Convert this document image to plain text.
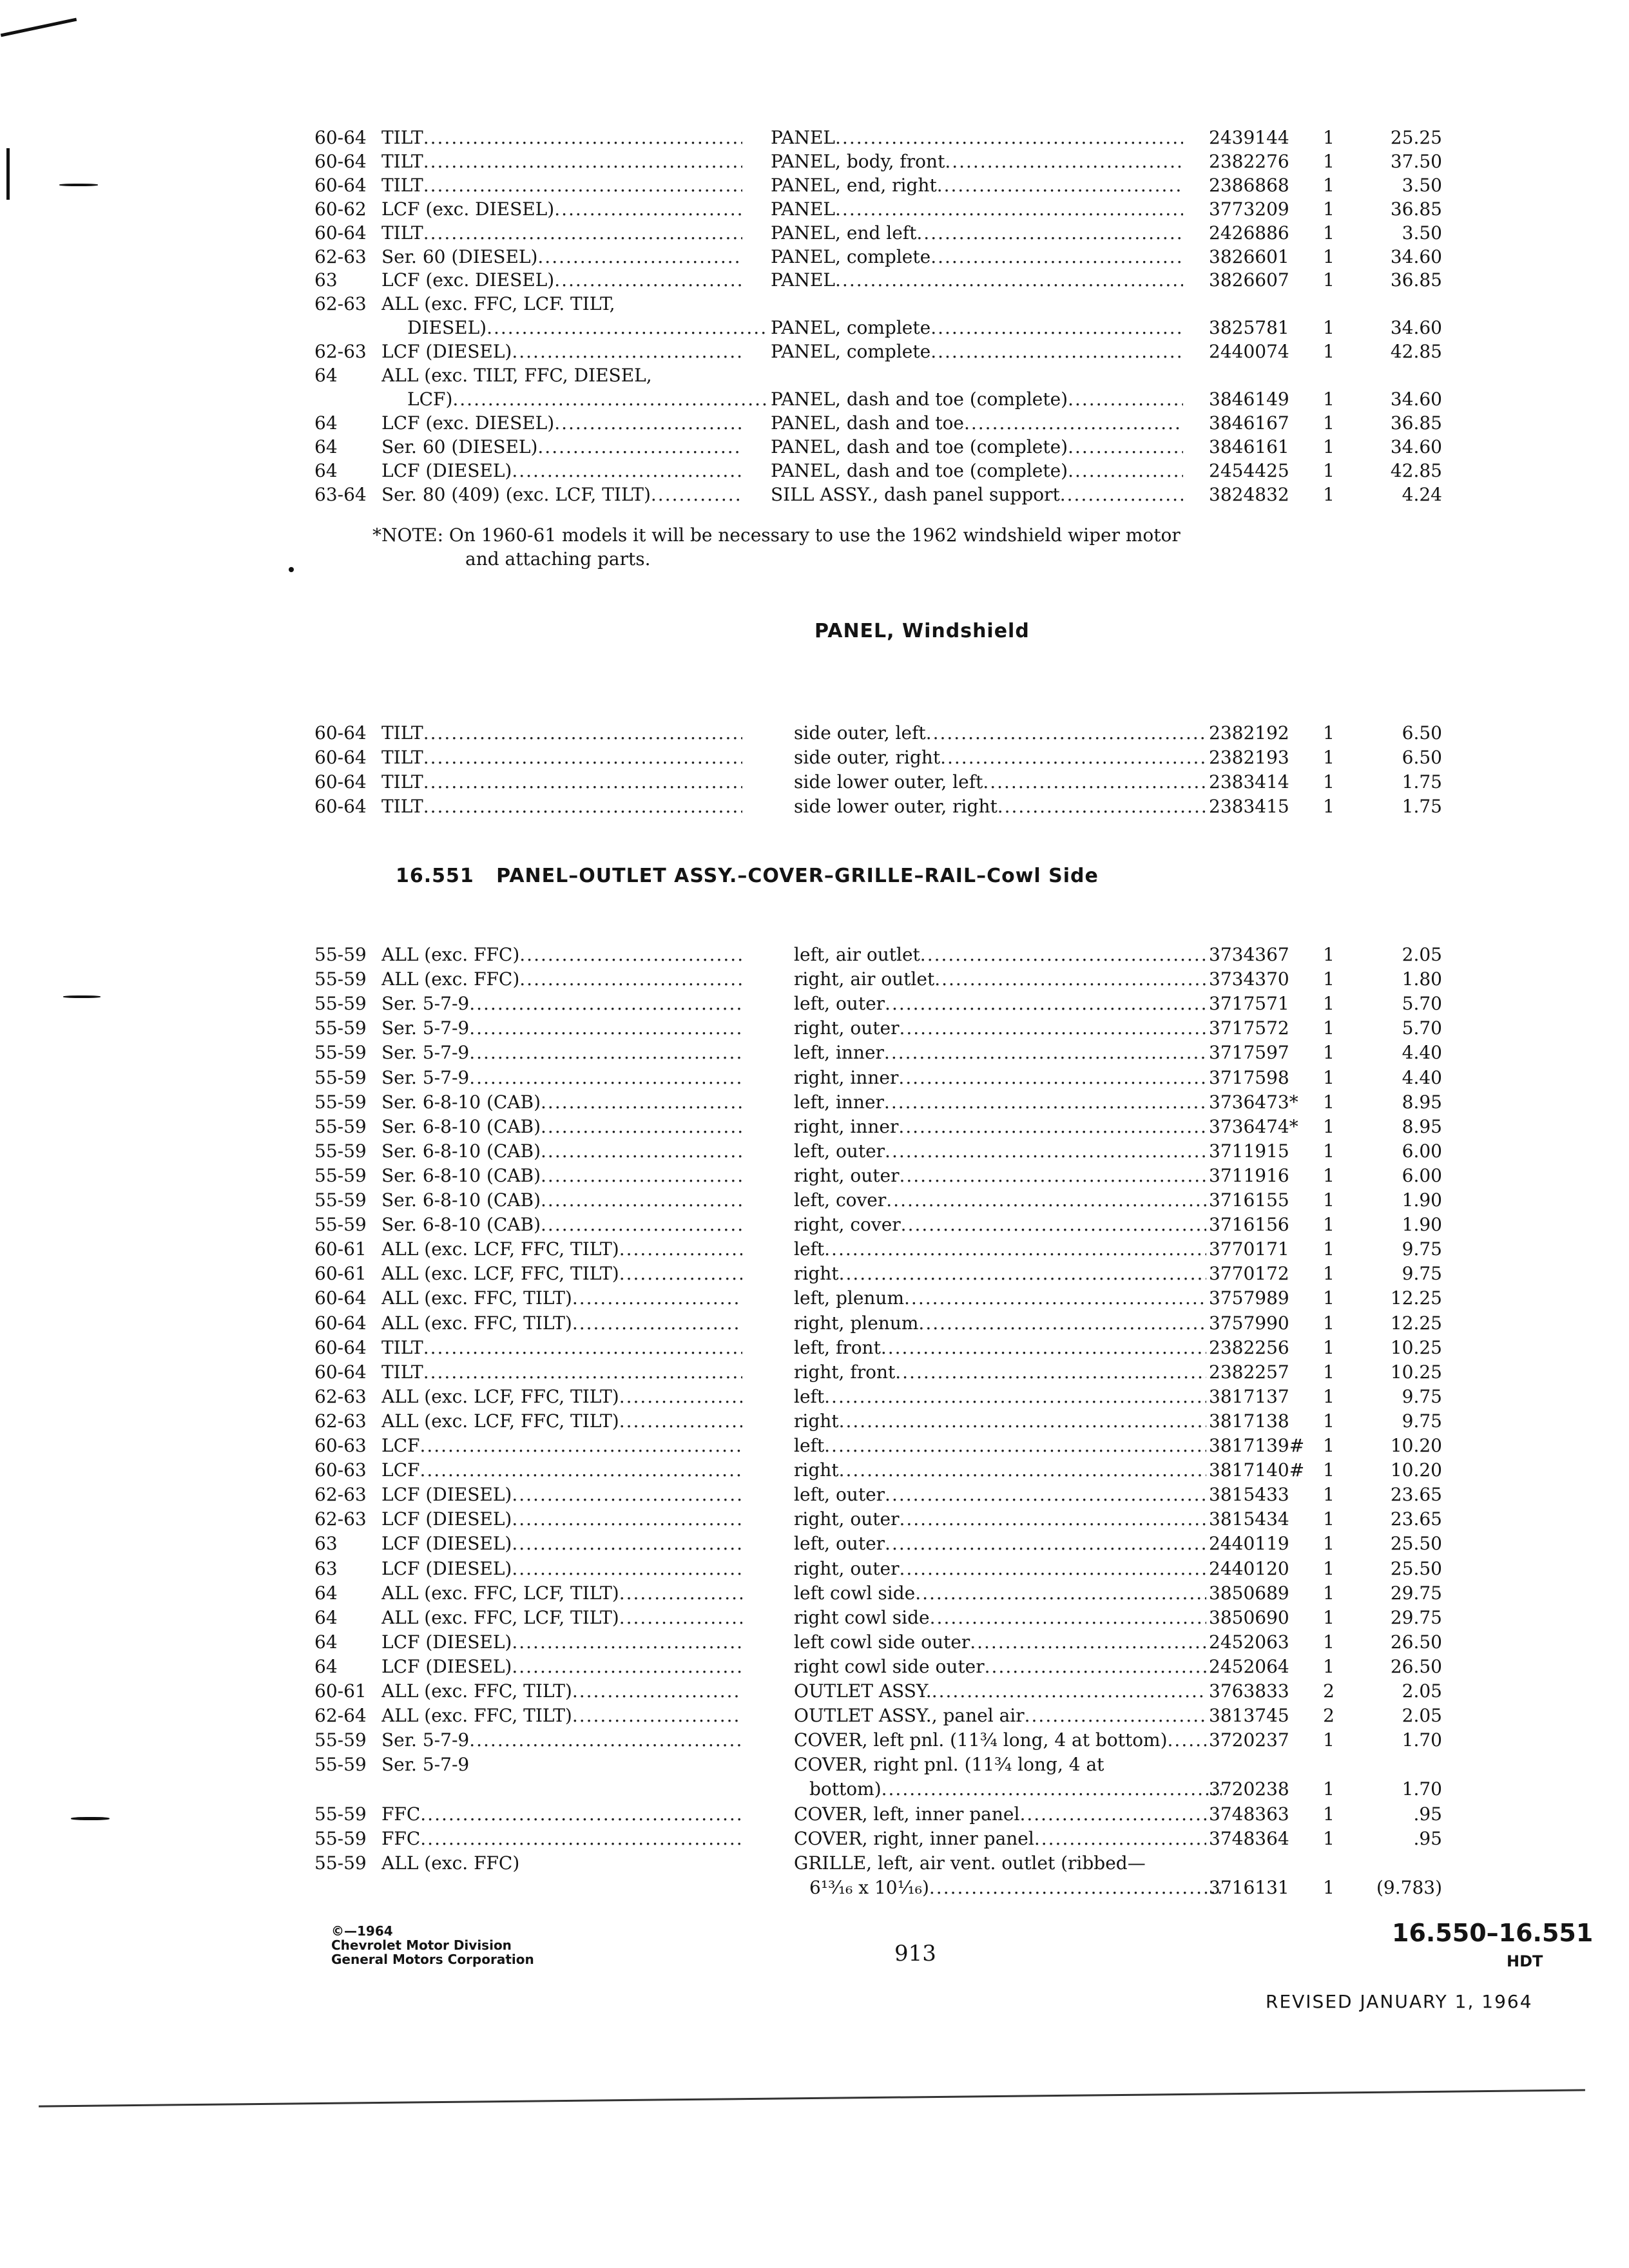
60-64 TILT .....	PANEL .....	2439144	1	25.25
60-64 TILT .....	PANEL, body, front .....	2382276	1	37.50
60-64 TILT .....	PANEL, end, right .....	2386868	1	3.50
60-62 LCF (exc. DIESEL) .....	PANEL .....	3773209	1	36.85
60-64 TILT .....	PANEL, end left .....	2426886	1	3.50
62-63 Ser. 60 (DIESEL) .....	PANEL, complete .....	3826601	1	34.60
63	LCF (exc. DIESEL) .....	PANEL .....	3826607	1	36.85
62-63 ALL (exc. FFC, LCF. TILT,
DIESEL) .....	PANEL, complete .....	3825781	1	34.60
62-63 LCF (DIESEL) .....	PANEL, complete .....	2440074	1	42.85
64	ALL (exc. TILT, FFC, DIESEL,
LCF) .....	PANEL, dash and toe (complete) .....	3846149	1	34.60
64	LCF (exc. DIESEL) .....	PANEL, dash and toe .....	3846167	1	36.85
64	Ser. 60 (DIESEL) .....	PANEL, dash and toe (complete) .....	3846161	1	34.60
64	LCF (DIESEL) .....	PANEL, dash and toe (complete) .....	2454425	1	42.85
63-64 Ser. 80 (409) (exc. LCF, TILT) .....	SILL ASSY., dash panel support .....	3824832	1	4.24
*NOTE: On 1960-61 models it will be necessary to use the 1962 windshield wiper motor
and attaching parts.
PANEL, Windshield
60-64 TILT .....	side outer, left .....	2382192	1	6.50
60-64 TILT .....	side outer, right .....	2382193	1	6.50
60-64 TILT .....	side lower outer, left .....	2383414	1	1.75
60-64 TILT .....	side lower outer, right .....	2383415	1	1.75
16.551   PANEL–OUTLET ASSY.–COVER–GRILLE–RAIL–Cowl Side
55-59 ALL (exc. FFC) .....	left, air outlet .....	3734367	1	2.05
55-59 ALL (exc. FFC) .....	right, air outlet .....	3734370	1	1.80
55-59 Ser. 5-7-9 .....	left, outer .....	3717571	1	5.70
55-59 Ser. 5-7-9 .....	right, outer .....	3717572	1	5.70
55-59 Ser. 5-7-9 .....	left, inner .....	3717597	1	4.40
55-59 Ser. 5-7-9 .....	right, inner .....	3717598	1	4.40
55-59 Ser. 6-8-10 (CAB) .....	left, inner .....	3736473*	1	8.95
55-59 Ser. 6-8-10 (CAB) .....	right, inner .....	3736474*	1	8.95
55-59 Ser. 6-8-10 (CAB) .....	left, outer .....	3711915	1	6.00
55-59 Ser. 6-8-10 (CAB) .....	right, outer .....	3711916	1	6.00
55-59 Ser. 6-8-10 (CAB) .....	left, cover .....	3716155	1	1.90
55-59 Ser. 6-8-10 (CAB) .....	right, cover .....	3716156	1	1.90
60-61 ALL (exc. LCF, FFC, TILT) .....	left .....	3770171	1	9.75
60-61 ALL (exc. LCF, FFC, TILT) .....	right .....	3770172	1	9.75
60-64 ALL (exc. FFC, TILT) .....	left, plenum .....	3757989	1	12.25
60-64 ALL (exc. FFC, TILT) .....	right, plenum .....	3757990	1	12.25
60-64 TILT .....	left, front .....	2382256	1	10.25
60-64 TILT .....	right, front .....	2382257	1	10.25
62-63 ALL (exc. LCF, FFC, TILT) .....	left .....	3817137	1	9.75
62-63 ALL (exc. LCF, FFC, TILT) .....	right .....	3817138	1	9.75
60-63 LCF .....	left .....	3817139#	1	10.20
60-63 LCF .....	right .....	3817140#	1	10.20
62-63 LCF (DIESEL) .....	left, outer .....	3815433	1	23.65
62-63 LCF (DIESEL) .....	right, outer .....	3815434	1	23.65
63	LCF (DIESEL) .....	left, outer .....	2440119	1	25.50
63	LCF (DIESEL) .....	right, outer .....	2440120	1	25.50
64	ALL (exc. FFC, LCF, TILT) .....	left cowl side .....	3850689	1	29.75
64	ALL (exc. FFC, LCF, TILT) .....	right cowl side .....	3850690	1	29.75
64	LCF (DIESEL) .....	left cowl side outer .....	2452063	1	26.50
64	LCF (DIESEL) .....	right cowl side outer .....	2452064	1	26.50
60-61 ALL (exc. FFC, TILT) .....	OUTLET ASSY. .....	3763833	2	2.05
62-64 ALL (exc. FFC, TILT) .....	OUTLET ASSY., panel air .....	3813745	2	2.05
55-59 Ser. 5-7-9 .....	COVER, left pnl. (11¾ long, 4 at bottom) .....	3720237	1	1.70
55-59 Ser. 5-7-9	COVER, right pnl. (11¾ long, 4 at
bottom) .....	3720238	1	1.70
55-59 FFC .....	COVER, left, inner panel .....	3748363	1	.95
55-59 FFC .....	COVER, right, inner panel .....	3748364	1	.95
55-59 ALL (exc. FFC)	GRILLE, left, air vent. outlet (ribbed—
6¹³⁄₁₆ x 10¹⁄₁₆) .....	3716131	1	(9.783)
©—1964
Chevrolet Motor Division
General Motors Corporation	913
16.550–16.551
HDT
REVISED JANUARY 1, 1964
